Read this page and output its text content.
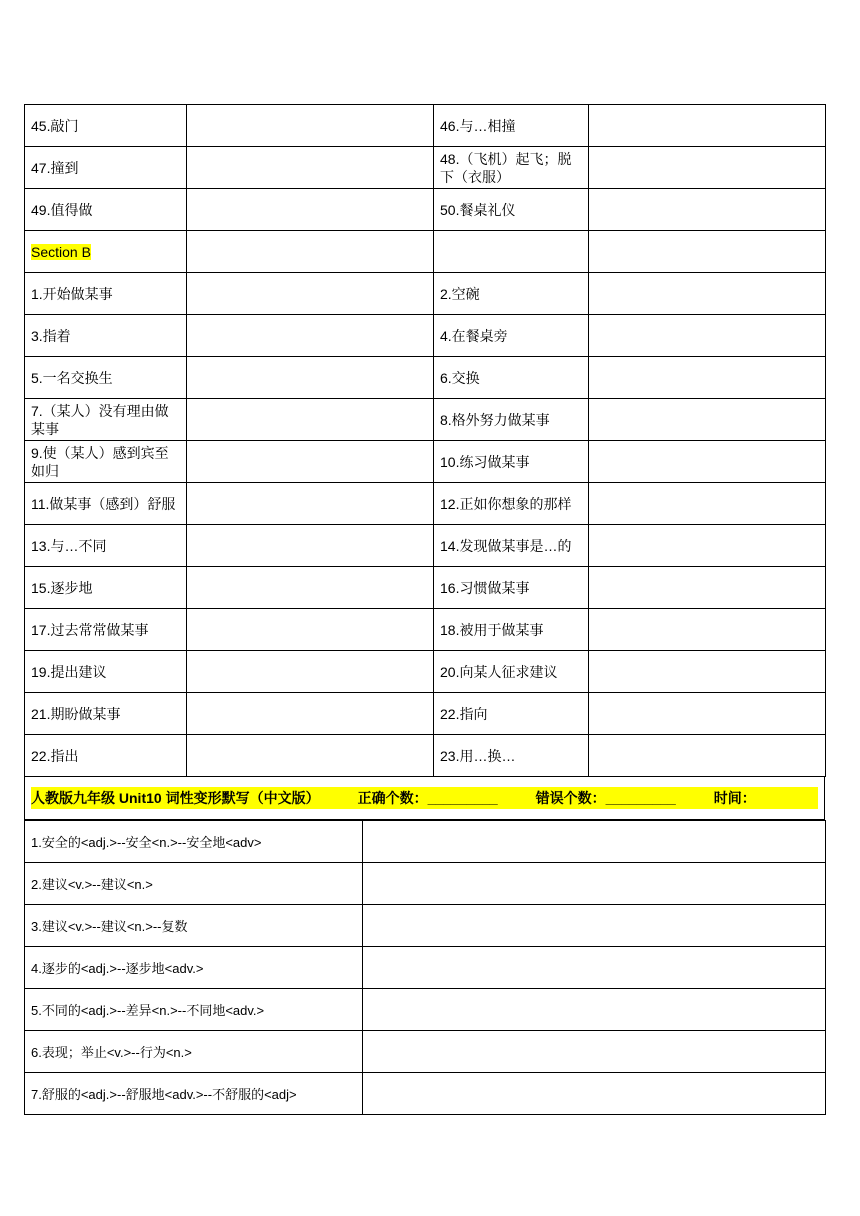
45.敲门		46.与…相撞	
47.撞到		48.（飞机）起飞；脱下（衣服）	
49.值得做		50.餐桌礼仪	
Section B			
1.开始做某事		2.空碗	
3.指着		4.在餐桌旁	
5.一名交换生		6.交换	
7.（某人）没有理由做某事		8.格外努力做某事	
9.使（某人）感到宾至如归		10.练习做某事	
11.做某事（感到）舒服		12.正如你想象的那样	
13.与…不同		14.发现做某事是…的	
15.逐步地		16.习惯做某事	
17.过去常常做某事		18.被用于做某事	
19.提出建议		20.向某人征求建议	
21.期盼做某事		22.指向	
22.指出		23.用…换…	
人教版九年级 Unit10 词性变形默写（中文版）	正确个数：_________	错误个数：_________	时间：
1.安全的<adj.>--安全<n.>--安全地<adv>	
2.建议<v.>--建议<n.>	
3.建议<v.>--建议<n.>--复数	
4.逐步的<adj.>--逐步地<adv.>	
5.不同的<adj.>--差异<n.>--不同地<adv.>	
6.表现；举止<v.>--行为<n.>	
7.舒服的<adj.>--舒服地<adv.>--不舒服的<adj>	
